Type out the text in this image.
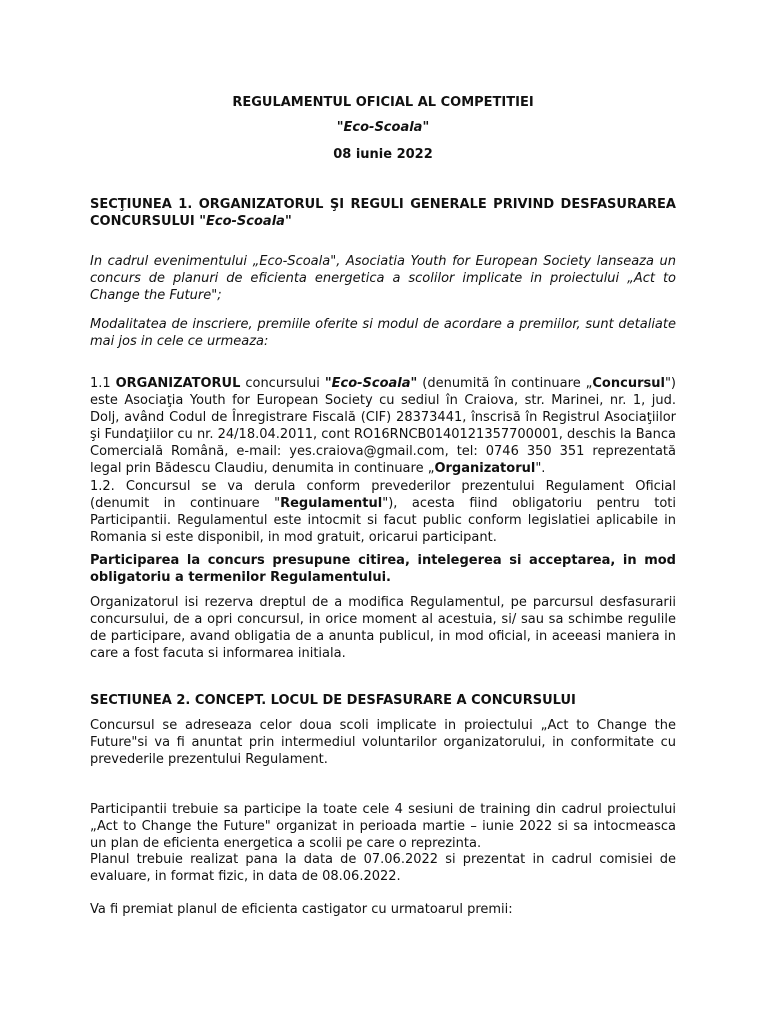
REGULAMENTUL OFICIAL AL COMPETITIEI

"Eco-Scoala"

08 iunie 2022

SECŢIUNEA 1. ORGANIZATORUL ŞI REGULI GENERALE PRIVIND DESFASURAREA CONCURSULUI "Eco-Scoala"

In cadrul evenimentului „Eco-Scoala", Asociatia Youth for European Society lanseaza un concurs de planuri de eficienta energetica a scolilor implicate in proiectului „Act to Change the Future";

Modalitatea de inscriere, premiile oferite si modul de acordare a premiilor, sunt detaliate mai jos in cele ce urmeaza:

1.1 ORGANIZATORUL concursului "Eco-Scoala" (denumită în continuare „Concursul") este Asociaţia Youth for European Society cu sediul în Craiova, str. Marinei, nr. 1, jud. Dolj, având Codul de Înregistrare Fiscală (CIF) 28373441, înscrisă în Registrul Asociaţiilor şi Fundaţiilor cu nr. 24/18.04.2011, cont RO16RNCB0140121357700001, deschis la Banca Comercială Română, e-mail: yes.craiova@gmail.com, tel: 0746 350 351 reprezentată legal prin Bădescu Claudiu, denumita in continuare „Organizatorul".

1.2. Concursul se va derula conform prevederilor prezentului Regulament Oficial (denumit in continuare "Regulamentul"), acesta fiind obligatoriu pentru toti Participantii. Regulamentul este intocmit si facut public conform legislatiei aplicabile in Romania si este disponibil, in mod gratuit, oricarui participant.

Participarea la concurs presupune citirea, intelegerea si acceptarea, in mod obligatoriu a termenilor Regulamentului.

Organizatorul isi rezerva dreptul de a modifica Regulamentul, pe parcursul desfasurarii concursului, de a opri concursul, in orice moment al acestuia, si/ sau sa schimbe regulile de participare, avand obligatia de a anunta publicul, in mod oficial, in aceeasi maniera in care a fost facuta si informarea initiala.

SECTIUNEA 2. CONCEPT. LOCUL DE DESFASURARE A CONCURSULUI

Concursul se adreseaza celor doua scoli implicate in proiectului „Act to Change the Future"si va fi anuntat prin intermediul voluntarilor organizatorului, in conformitate cu prevederile prezentului Regulament.

Participantii trebuie sa participe la toate cele 4 sesiuni de training din cadrul proiectului „Act to Change the Future" organizat in perioada martie – iunie 2022 si sa intocmeasca un plan de eficienta energetica a scolii pe care o reprezinta.

Planul trebuie realizat pana la data de 07.06.2022 si prezentat in cadrul comisiei de evaluare, in format fizic, in data de 08.06.2022.

Va fi premiat planul de eficienta castigator cu urmatoarul premii:
